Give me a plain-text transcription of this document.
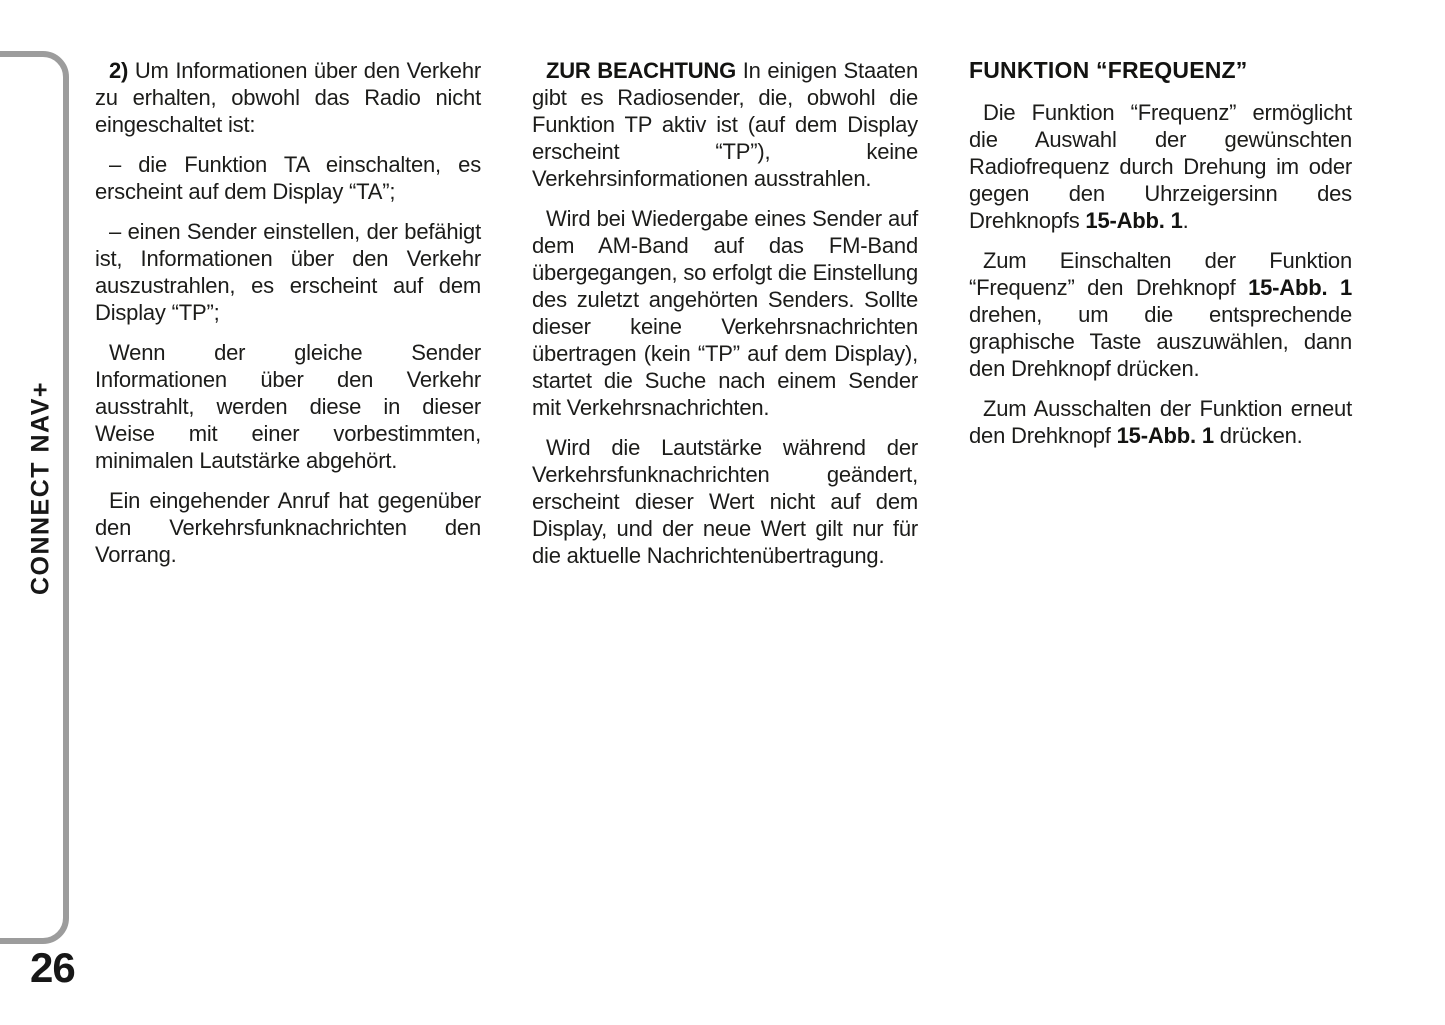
CONNECT NAV+
26

2) Um Informationen über den Verkehr zu erhalten, obwohl das Radio nicht eingeschaltet ist:

– die Funktion TA einschalten, es erscheint auf dem Display “TA”;

– einen Sender einstellen, der befähigt ist, Informationen über den Verkehr auszustrahlen, es erscheint auf dem Display “TP”;

Wenn der gleiche Sender Informationen über den Verkehr ausstrahlt, werden diese in dieser Weise mit einer vorbestimmten, minimalen Lautstärke abgehört.

Ein eingehender Anruf hat gegenüber den Verkehrsfunknachrichten den Vorrang.

ZUR BEACHTUNG In einigen Staaten gibt es Radiosender, die, obwohl die Funktion TP aktiv ist (auf dem Display erscheint “TP”), keine Verkehrsinformationen ausstrahlen.

Wird bei Wiedergabe eines Sender auf dem AM-Band auf das FM-Band übergegangen, so erfolgt die Einstellung des zuletzt angehörten Senders. Sollte dieser keine Verkehrsnachrichten übertragen (kein “TP” auf dem Display), startet die Suche nach einem Sender mit Verkehrsnachrichten.

Wird die Lautstärke während der Verkehrsfunknachrichten geändert, erscheint dieser Wert nicht auf dem Display, und der neue Wert gilt nur für die aktuelle Nachrichtenübertragung.

FUNKTION “FREQUENZ”

Die Funktion “Frequenz” ermöglicht die Auswahl der gewünschten Radiofrequenz durch Drehung im oder gegen den Uhrzeigersinn des Drehknopfs 15-Abb. 1.

Zum Einschalten der Funktion “Frequenz” den Drehknopf 15-Abb. 1 drehen, um die entsprechende graphische Taste auszuwählen, dann den Drehknopf drücken.

Zum Ausschalten der Funktion erneut den Drehknopf 15-Abb. 1 drücken.
